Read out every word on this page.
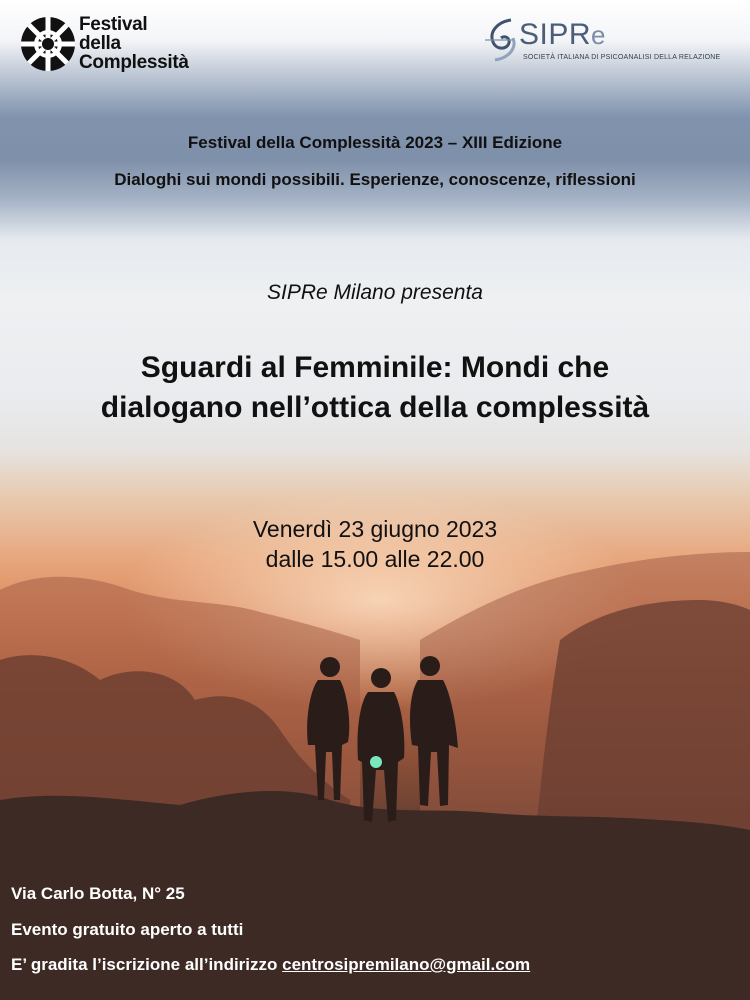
Festival
della
Complessità
SIPRe
SOCIETÀ ITALIANA DI PSICOANALISI DELLA RELAZIONE
Festival della Complessità 2023 – XIII Edizione
Dialoghi sui mondi possibili. Esperienze, conoscenze, riflessioni
SIPRe Milano presenta
Sguardi al Femminile: Mondi che
dialogano nell’ottica della complessità
Venerdì 23 giugno 2023
dalle 15.00 alle 22.00
Via Carlo Botta, N° 25
Evento gratuito aperto a tutti
E’ gradita l’iscrizione all’indirizzo centrosipremilano@gmail.com
